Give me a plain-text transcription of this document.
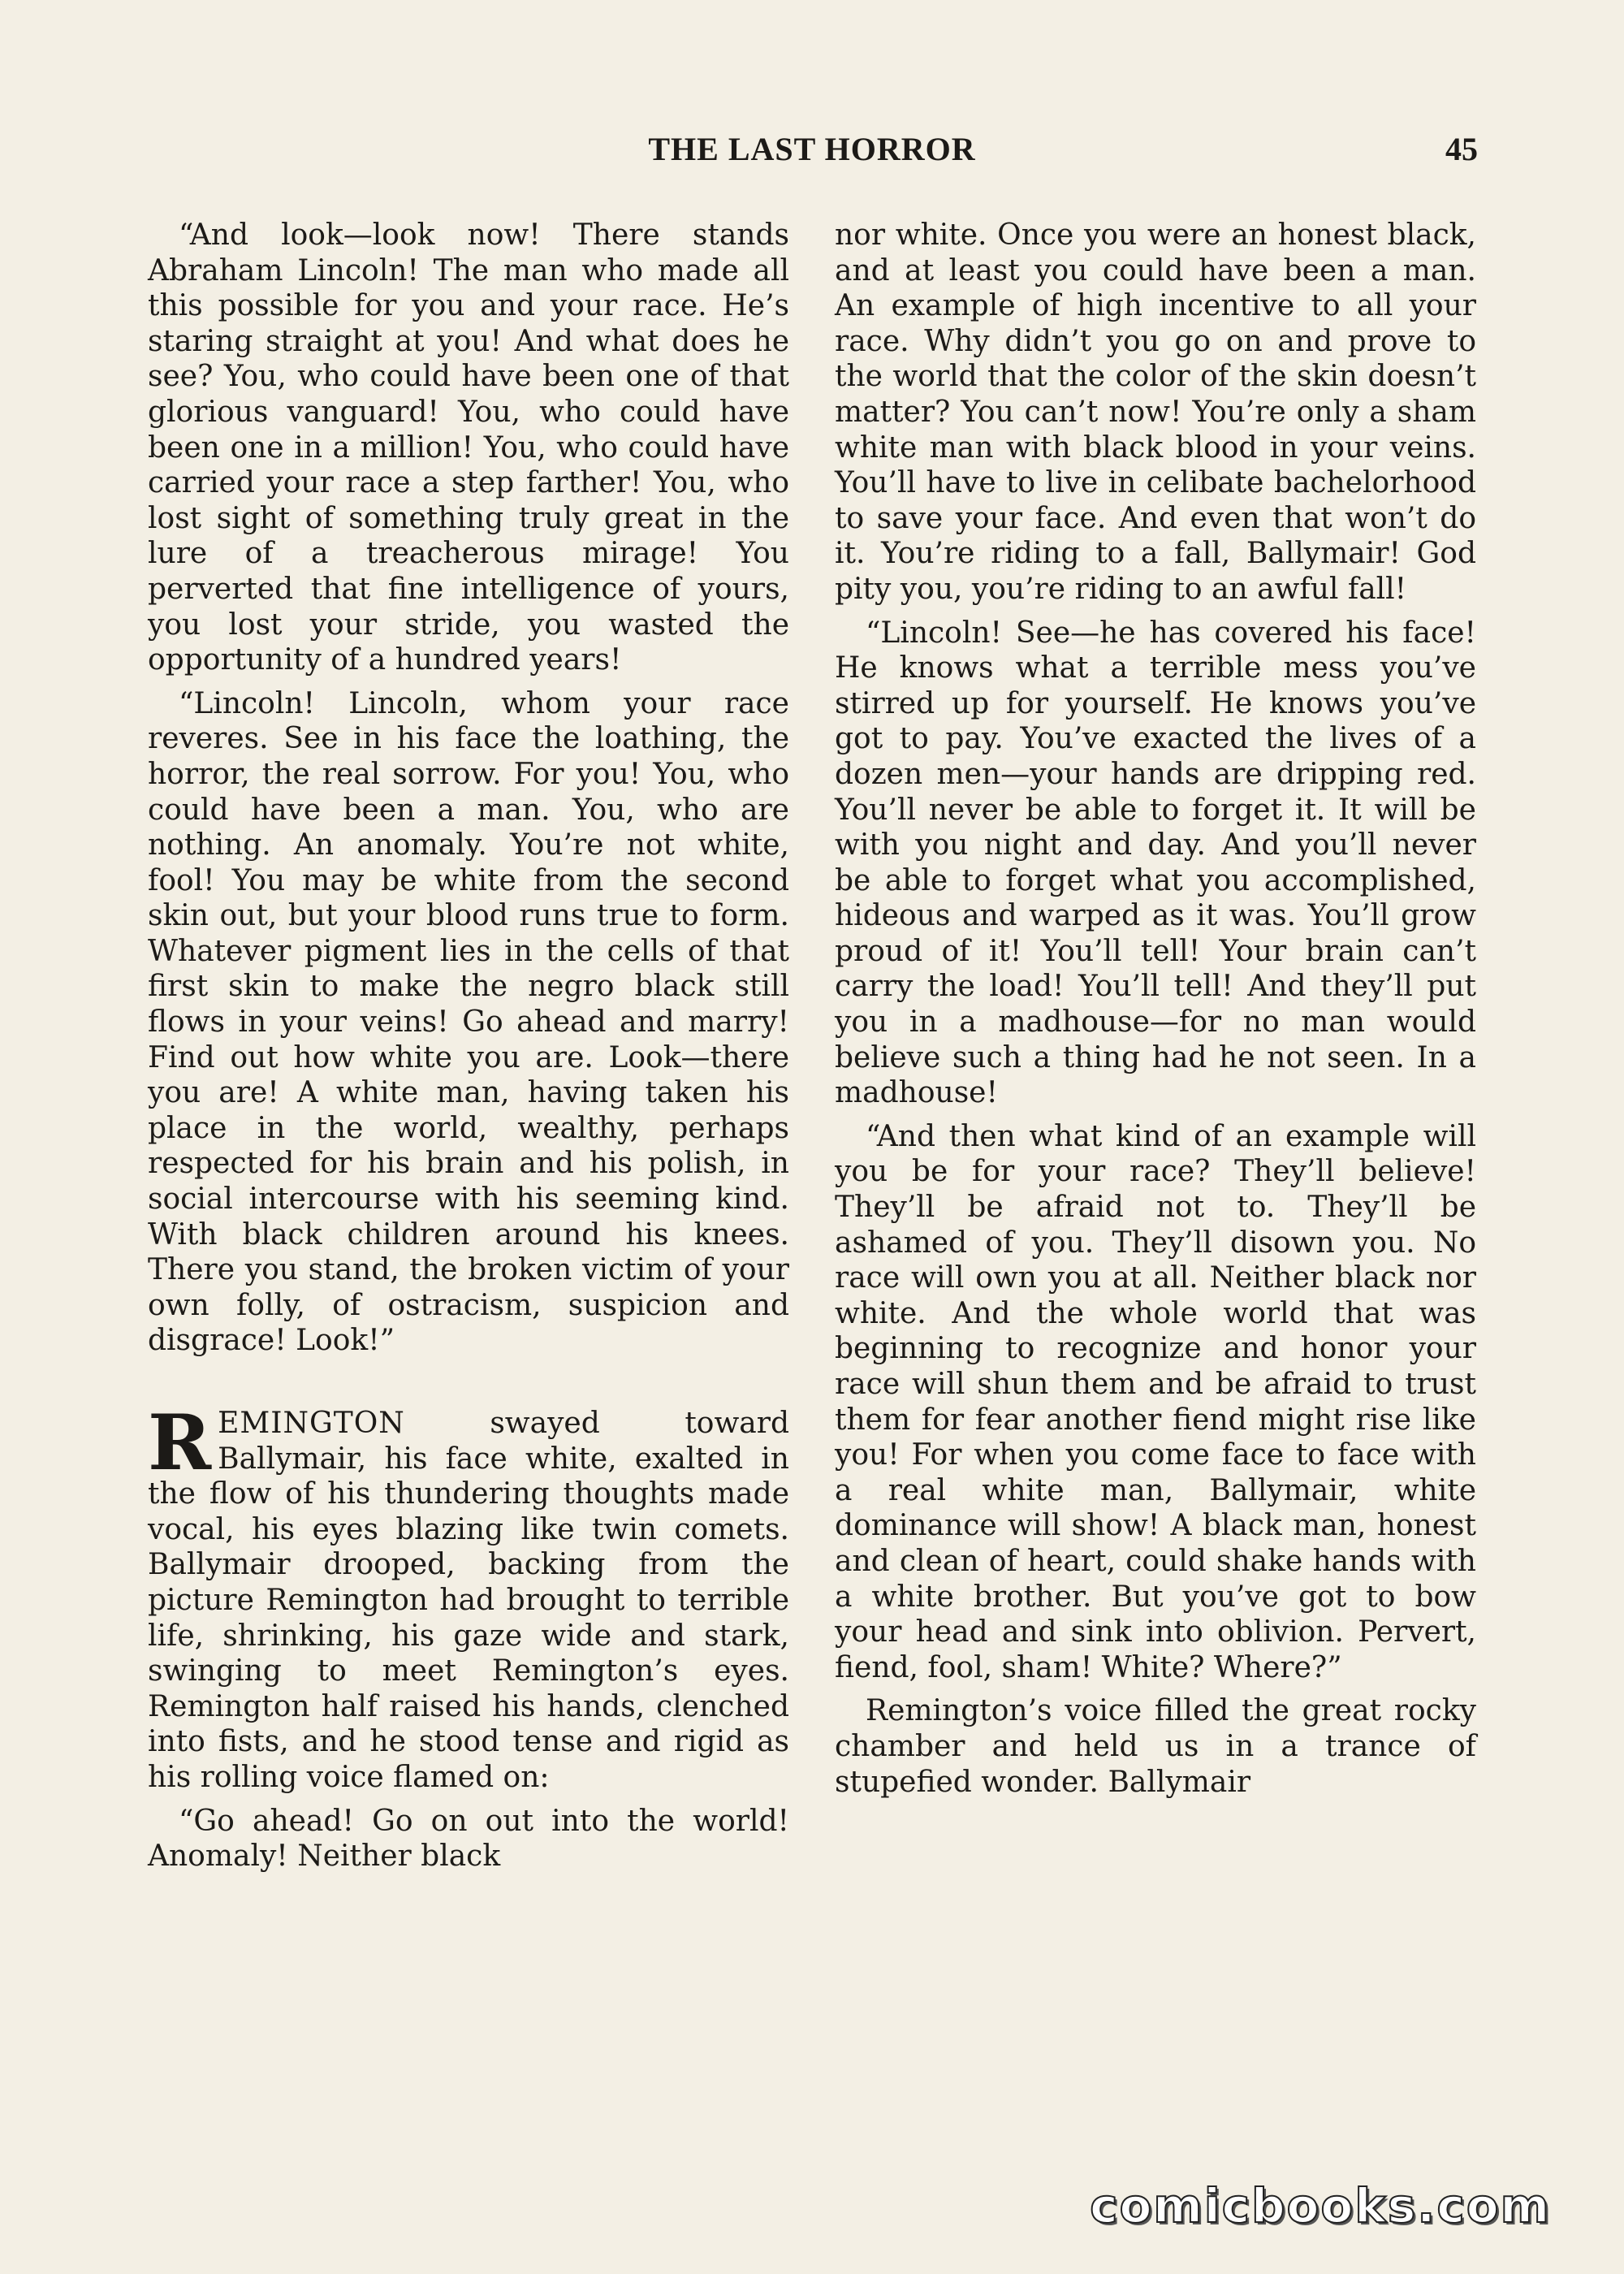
THE LAST HORROR	45

“And look—look now! There stands Abraham Lincoln! The man who made all this possible for you and your race. He’s staring straight at you! And what does he see? You, who could have been one of that glorious vanguard! You, who could have been one in a million! You, who could have carried your race a step farther! You, who lost sight of something truly great in the lure of a treacherous mirage! You perverted that fine intelligence of yours, you lost your stride, you wasted the opportunity of a hundred years!

“Lincoln! Lincoln, whom your race reveres. See in his face the loathing, the horror, the real sorrow. For you! You, who could have been a man. You, who are nothing. An anomaly. You’re not white, fool! You may be white from the second skin out, but your blood runs true to form. Whatever pigment lies in the cells of that first skin to make the negro black still flows in your veins! Go ahead and marry! Find out how white you are. Look—there you are! A white man, having taken his place in the world, wealthy, perhaps respected for his brain and his polish, in social intercourse with his seeming kind. With black children around his knees. There you stand, the broken victim of your own folly, of ostracism, suspicion and disgrace! Look!”

REMINGTON swayed toward Ballymair, his face white, exalted in the flow of his thundering thoughts made vocal, his eyes blazing like twin comets. Ballymair drooped, backing from the picture Remington had brought to terrible life, shrinking, his gaze wide and stark, swinging to meet Remington’s eyes. Remington half raised his hands, clenched into fists, and he stood tense and rigid as his rolling voice flamed on:

“Go ahead! Go on out into the world! Anomaly! Neither black

nor white. Once you were an honest black, and at least you could have been a man. An example of high incentive to all your race. Why didn’t you go on and prove to the world that the color of the skin doesn’t matter? You can’t now! You’re only a sham white man with black blood in your veins. You’ll have to live in celibate bachelorhood to save your face. And even that won’t do it. You’re riding to a fall, Ballymair! God pity you, you’re riding to an awful fall!

“Lincoln! See—he has covered his face! He knows what a terrible mess you’ve stirred up for yourself. He knows you’ve got to pay. You’ve exacted the lives of a dozen men—your hands are dripping red. You’ll never be able to forget it. It will be with you night and day. And you’ll never be able to forget what you accomplished, hideous and warped as it was. You’ll grow proud of it! You’ll tell! Your brain can’t carry the load! You’ll tell! And they’ll put you in a madhouse—for no man would believe such a thing had he not seen. In a madhouse!

“And then what kind of an example will you be for your race? They’ll believe! They’ll be afraid not to. They’ll be ashamed of you. They’ll disown you. No race will own you at all. Neither black nor white. And the whole world that was beginning to recognize and honor your race will shun them and be afraid to trust them for fear another fiend might rise like you! For when you come face to face with a real white man, Ballymair, white dominance will show! A black man, honest and clean of heart, could shake hands with a white brother. But you’ve got to bow your head and sink into oblivion. Pervert, fiend, fool, sham! White? Where?”

Remington’s voice filled the great rocky chamber and held us in a trance of stupefied wonder. Ballymair

comicbooks.com
